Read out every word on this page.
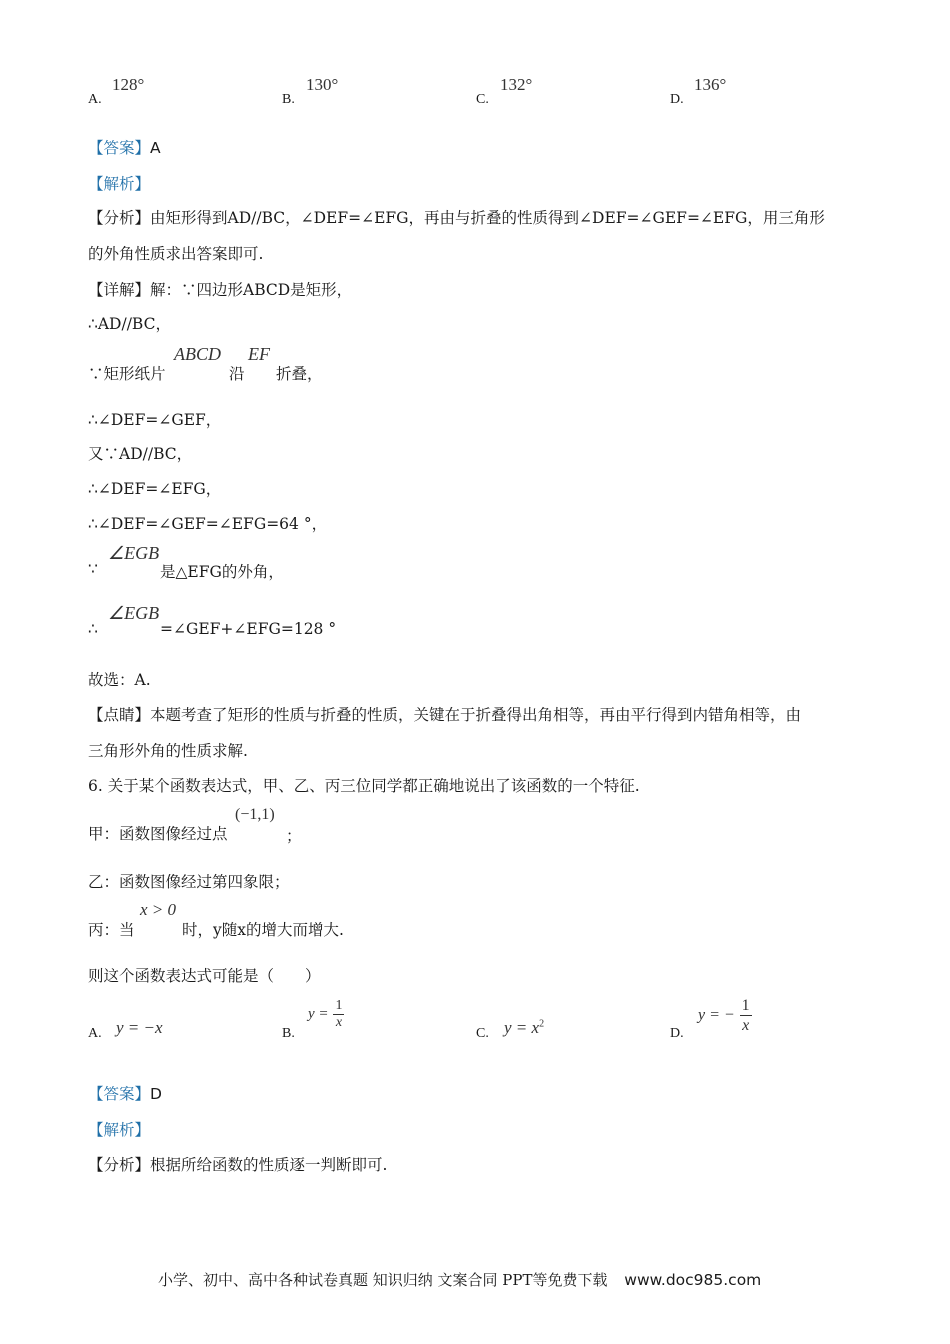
A.
128°
B.
130°
C.
132°
D.
136°
【答案】A
【解析】
【分析】由矩形得到AD//BC，∠DEF=∠EFG，再由与折叠的性质得到∠DEF=∠GEF=∠EFG，用三角形
的外角性质求出答案即可.
【详解】解：∵四边形ABCD是矩形，
∴AD//BC，
∵矩形纸片
ABCD
沿
EF
折叠，
∴∠DEF=∠GEF，
又∵AD//BC，
∴∠DEF=∠EFG，
∴∠DEF=∠GEF=∠EFG=64 °，
∵
∠EGB
是△EFG的外角，
∴
∠EGB
=∠GEF+∠EFG=128 °
故选：A.
【点睛】本题考查了矩形的性质与折叠的性质，关键在于折叠得出角相等，再由平行得到内错角相等，由
三角形外角的性质求解.
6. 关于某个函数表达式，甲、乙、丙三位同学都正确地说出了该函数的一个特征.
甲：函数图像经过点
(−1,1)
；
乙：函数图像经过第四象限；
丙：当
x > 0
时，y随x的增大而增大.
则这个函数表达式可能是（　　）
A. y = −x	B.
$y = \frac{1}{x}$
C. $y = x^2$
D.
y = − $\frac{1}{x}$
【答案】D
【解析】
【分析】根据所给函数的性质逐一判断即可.
小学、初中、高中各种试卷真题 知识归纳 文案合同 PPT等免费下载 www.doc985.com
